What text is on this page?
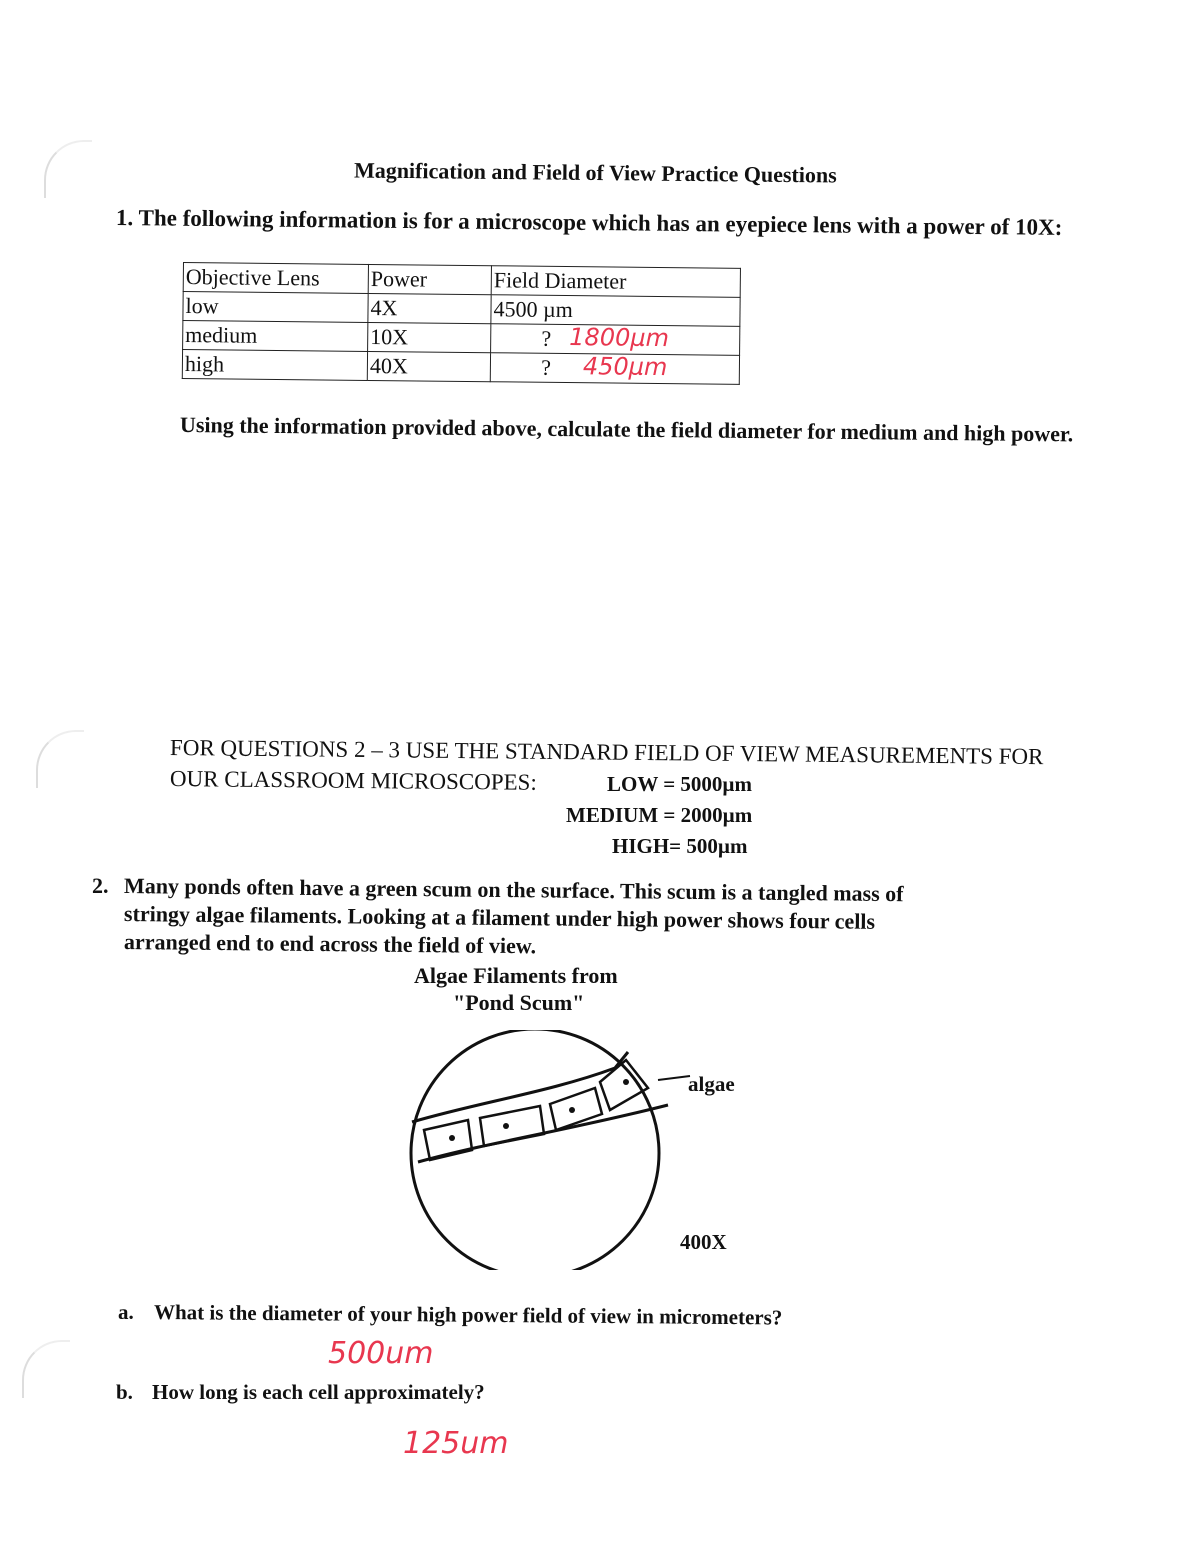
Magnification and Field of View Practice Questions
1. The following information is for a microscope which has an eyepiece lens with a power of 10X:
Objective Lens	Power	Field Diameter
low	4X	4500 µm
medium	10X	? 1800µm

high	40X	? 450µm
Using the information provided above, calculate the field diameter for medium and high power.
FOR QUESTIONS 2 – 3 USE THE STANDARD FIELD OF VIEW MEASUREMENTS FOR
OUR CLASSROOM MICROSCOPES:	LOW = 5000µm
MEDIUM = 2000µm
HIGH= 500µm
2. Many ponds often have a green scum on the surface. This scum is a tangled mass of
stringy algae filaments. Looking at a filament under high power shows four cells
arranged end to end across the field of view.
Algae Filaments from
"Pond Scum"
algae
400X
a. What is the diameter of your high power field of view in micrometers?
500um
b. How long is each cell approximately?
125um
